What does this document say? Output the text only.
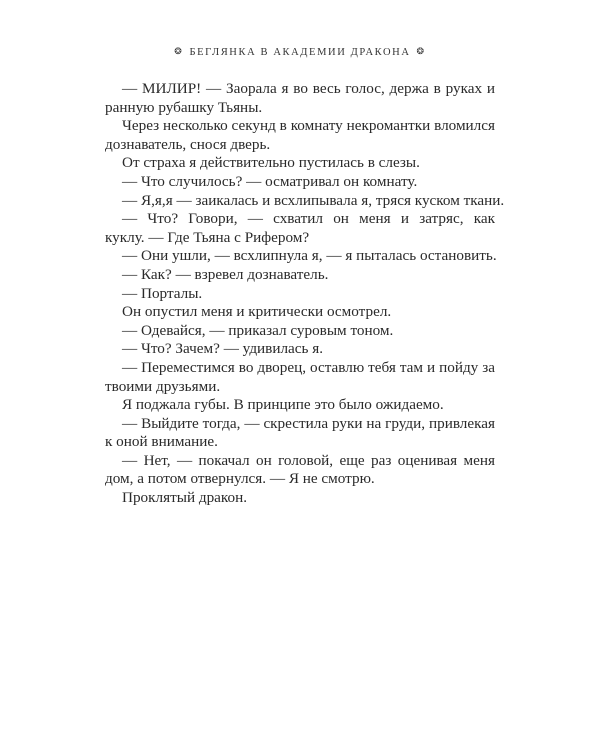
❂ БЕГЛЯНКА В АКАДЕМИИ ДРАКОНА ❂
— МИЛИР! — Заорала я во весь голос, держа в руках и
ранную рубашку Тьяны.
Через несколько секунд в комнату некромантки вломился
дознаватель, снося дверь.
От страха я действительно пустилась в слезы.
— Что случилось? — осматривал он комнату.
— Я,я,я — заикалась и всхлипывала я, тряся куском ткани.
— Что? Говори, — схватил он меня и затряс, как
куклу. — Где Тьяна с Рифером?
— Они ушли, — всхлипнула я, — я пыталась остановить.
— Как? — взревел дознаватель.
— Порталы.
Он опустил меня и критически осмотрел.
— Одевайся, — приказал суровым тоном.
— Что? Зачем? — удивилась я.
— Переместимся во дворец, оставлю тебя там и пойду за
твоими друзьями.
Я поджала губы. В принципе это было ожидаемо.
— Выйдите тогда, — скрестила руки на груди, привлекая
к оной внимание.
— Нет, — покачал он головой, еще раз оценивая меня
дом, а потом отвернулся. — Я не смотрю.
Проклятый дракон.
